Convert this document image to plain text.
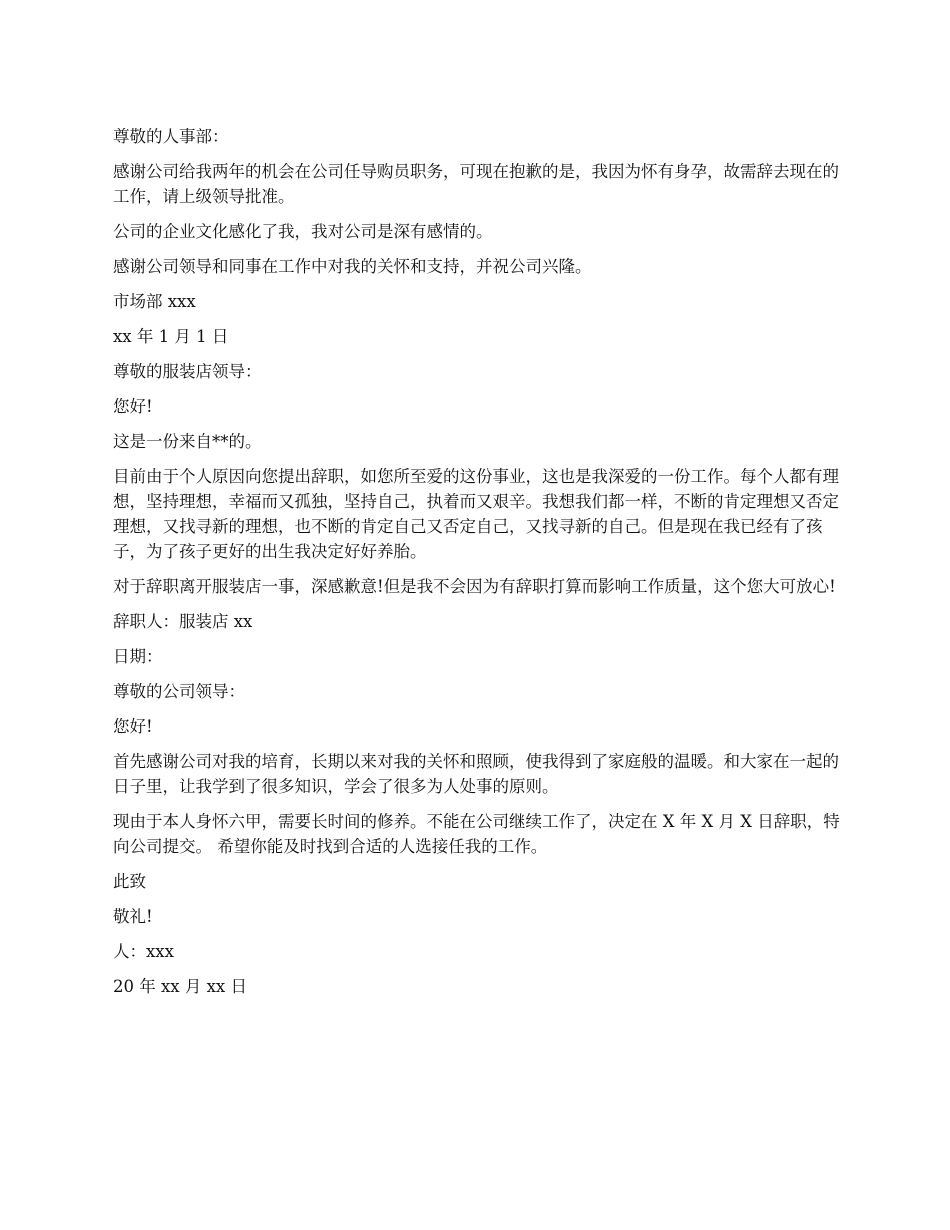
尊敬的人事部：

感谢公司给我两年的机会在公司任导购员职务，可现在抱歉的是，我因为怀有身孕，故需辞去现在的工作，请上级领导批准。

公司的企业文化感化了我，我对公司是深有感情的。

感谢公司领导和同事在工作中对我的关怀和支持，并祝公司兴隆。

市场部 xxx

xx 年 1 月 1 日

尊敬的服装店领导：

您好!

这是一份来自**的。

目前由于个人原因向您提出辞职，如您所至爱的这份事业，这也是我深爱的一份工作。每个人都有理想，坚持理想，幸福而又孤独，坚持自己，执着而又艰辛。我想我们都一样，不断的肯定理想又否定理想，又找寻新的理想，也不断的肯定自己又否定自己，又找寻新的自己。但是现在我已经有了孩子，为了孩子更好的出生我决定好好养胎。

对于辞职离开服装店一事，深感歉意!但是我不会因为有辞职打算而影响工作质量，这个您大可放心!

辞职人：服装店 xx

日期：

尊敬的公司领导：

您好!

首先感谢公司对我的培育，长期以来对我的关怀和照顾，使我得到了家庭般的温暖。和大家在一起的日子里，让我学到了很多知识，学会了很多为人处事的原则。

现由于本人身怀六甲，需要长时间的修养。不能在公司继续工作了，决定在 X 年 X 月 X 日辞职，特向公司提交。 希望你能及时找到合适的人选接任我的工作。

此致

敬礼!

人：xxx

20 年 xx 月 xx 日
